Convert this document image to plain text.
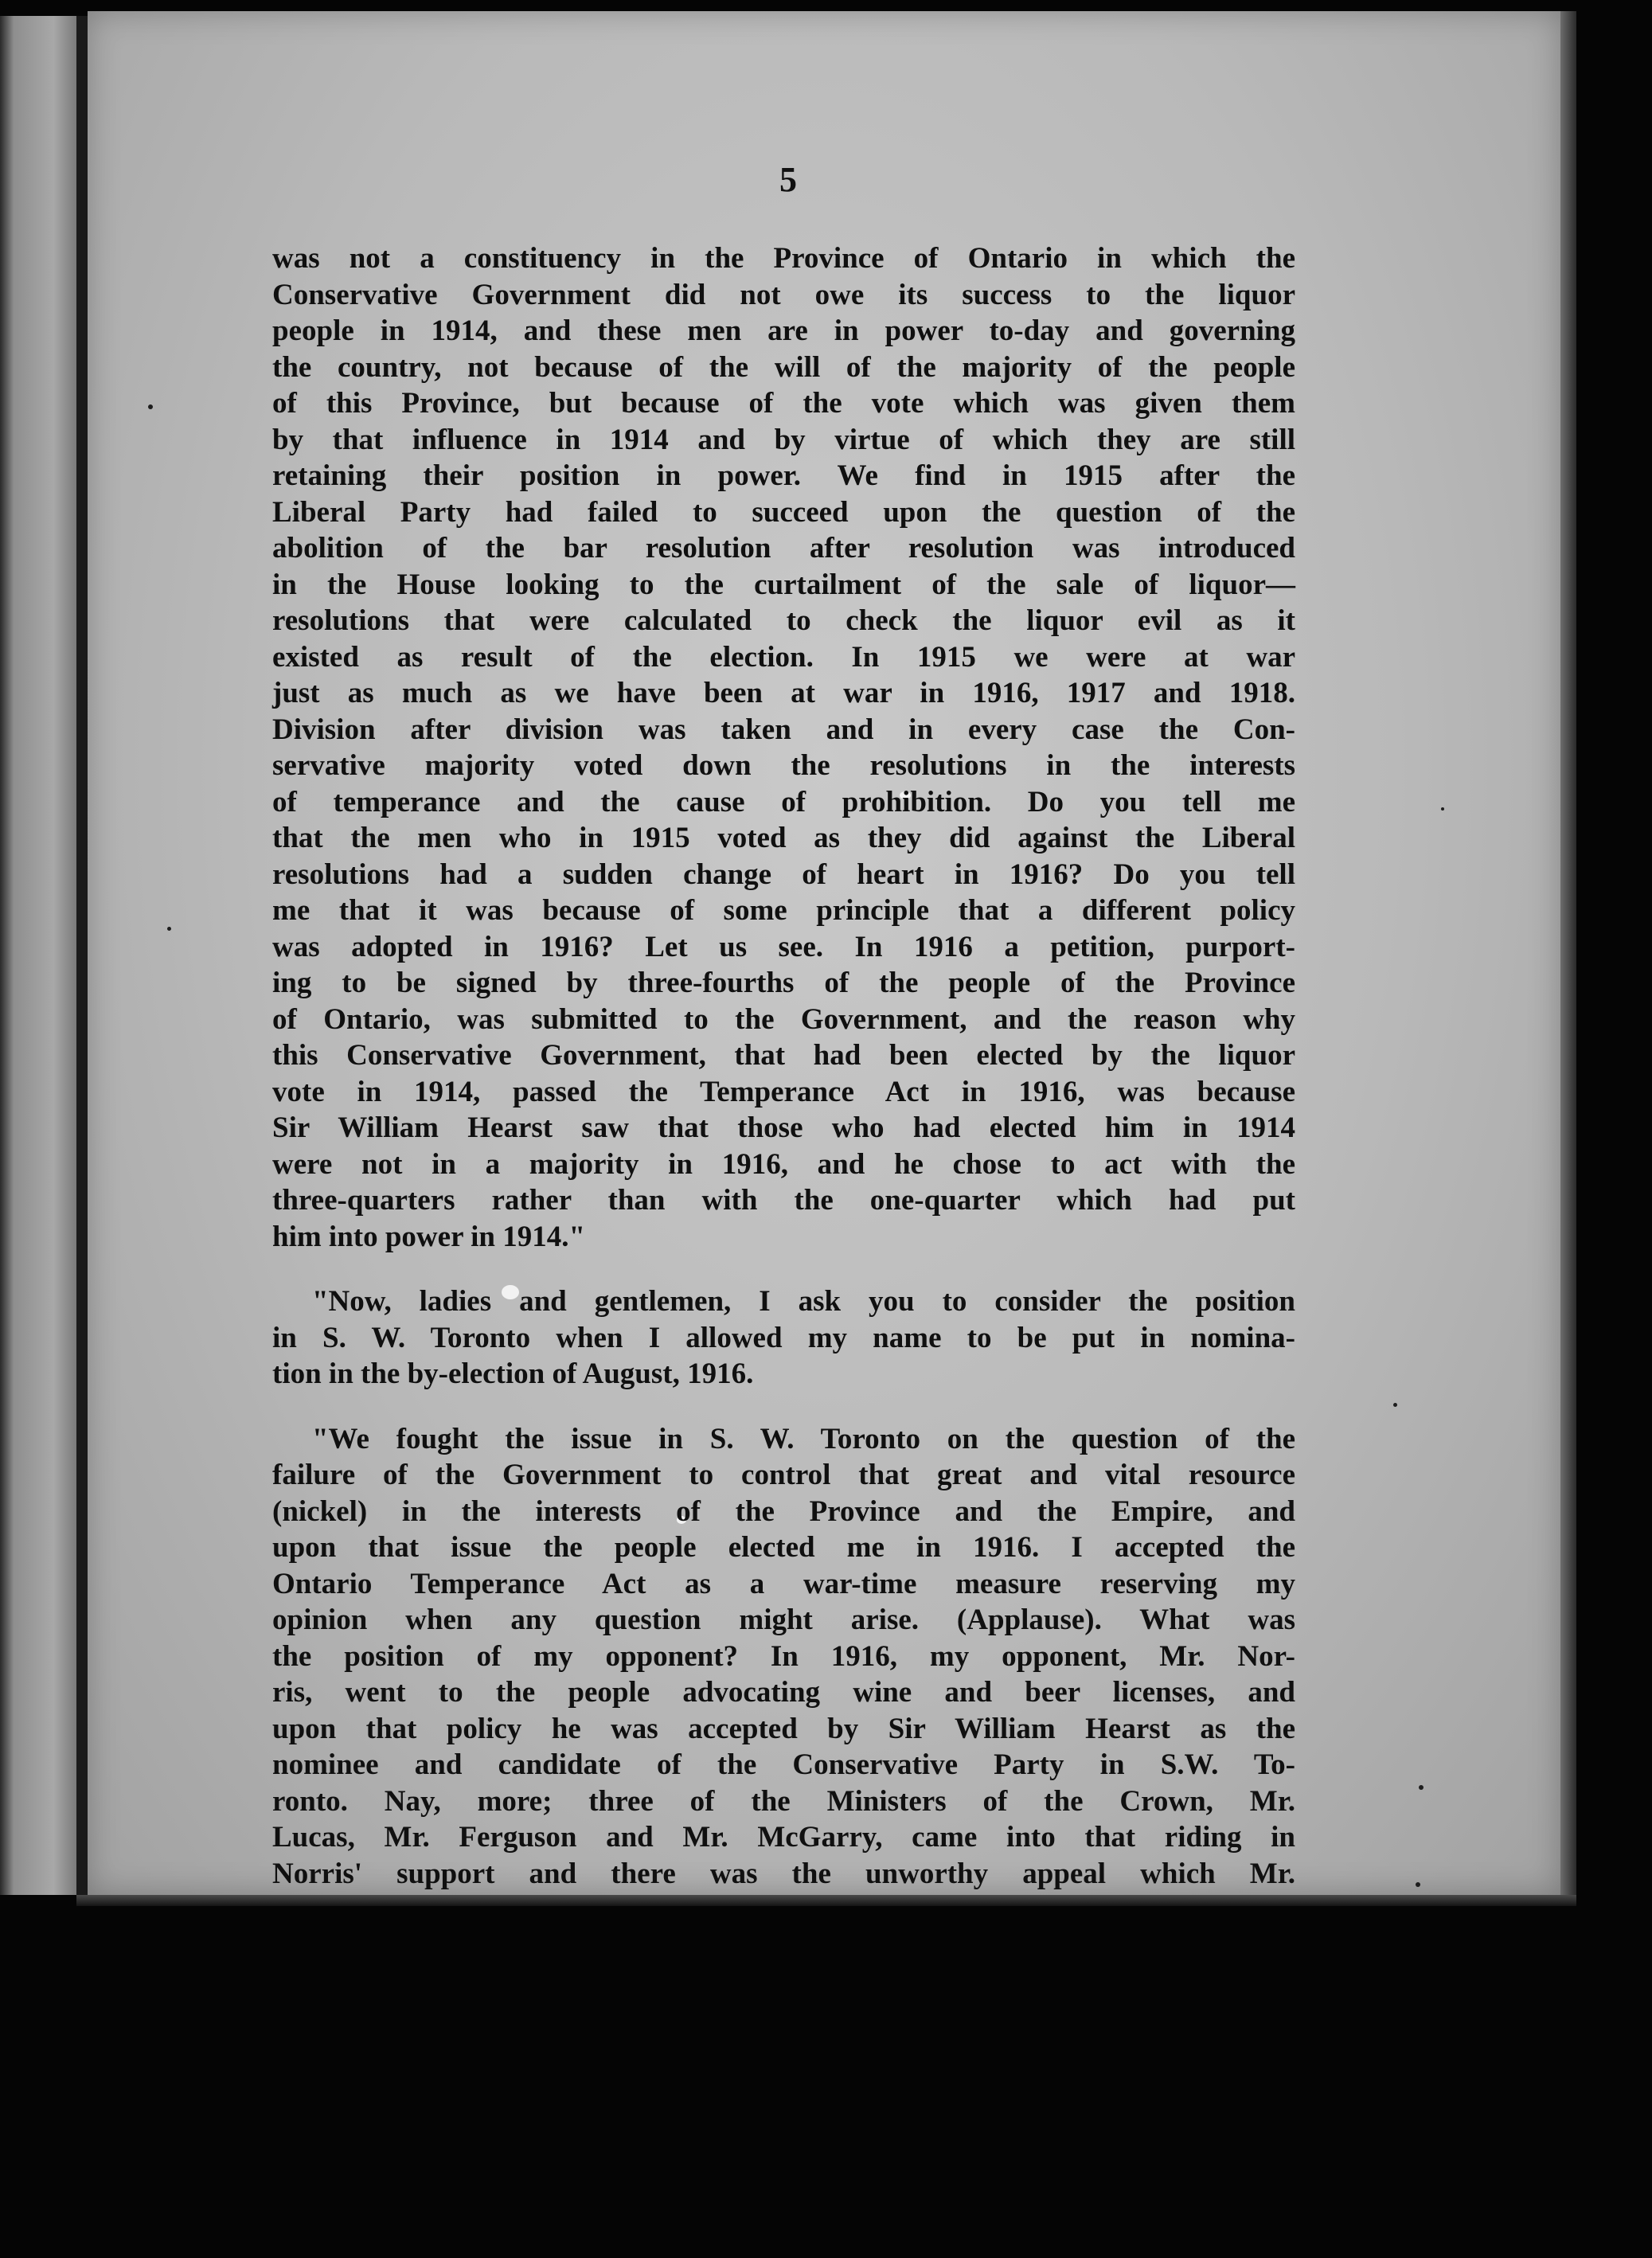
5
was not a constituency in the Province of Ontario in which the
Conservative Government did not owe its success to the liquor
people in 1914, and these men are in power to-day and governing
the country, not because of the will of the majority of the people
of this Province, but because of the vote which was given them
by that influence in 1914 and by virtue of which they are still
retaining their position in power. We find in 1915 after the
Liberal Party had failed to succeed upon the question of the
abolition of the bar resolution after resolution was introduced
in the House looking to the curtailment of the sale of liquor—
resolutions that were calculated to check the liquor evil as it
existed as result of the election. In 1915 we were at war
just as much as we have been at war in 1916, 1917 and 1918.
Division after division was taken and in every case the Con-
servative majority voted down the resolutions in the interests
of temperance and the cause of prohibition. Do you tell me
that the men who in 1915 voted as they did against the Liberal
resolutions had a sudden change of heart in 1916? Do you tell
me that it was because of some principle that a different policy
was adopted in 1916? Let us see. In 1916 a petition, purport-
ing to be signed by three-fourths of the people of the Province
of Ontario, was submitted to the Government, and the reason why
this Conservative Government, that had been elected by the liquor
vote in 1914, passed the Temperance Act in 1916, was because
Sir William Hearst saw that those who had elected him in 1914
were not in a majority in 1916, and he chose to act with the
three-quarters rather than with the one-quarter which had put
him into power in 1914."
"Now, ladies and gentlemen, I ask you to consider the position
in S. W. Toronto when I allowed my name to be put in nomina-
tion in the by-election of August, 1916.
"We fought the issue in S. W. Toronto on the question of the
failure of the Government to control that great and vital resource
(nickel) in the interests of the Province and the Empire, and
upon that issue the people elected me in 1916. I accepted the
Ontario Temperance Act as a war-time measure reserving my
opinion when any question might arise. (Applause). What was
the position of my opponent? In 1916, my opponent, Mr. Nor-
ris, went to the people advocating wine and beer licenses, and
upon that policy he was accepted by Sir William Hearst as the
nominee and candidate of the Conservative Party in S.W. To-
ronto. Nay, more; three of the Ministers of the Crown, Mr.
Lucas, Mr. Ferguson and Mr. McGarry, came into that riding in
Norris' support and there was the unworthy appeal which Mr.
